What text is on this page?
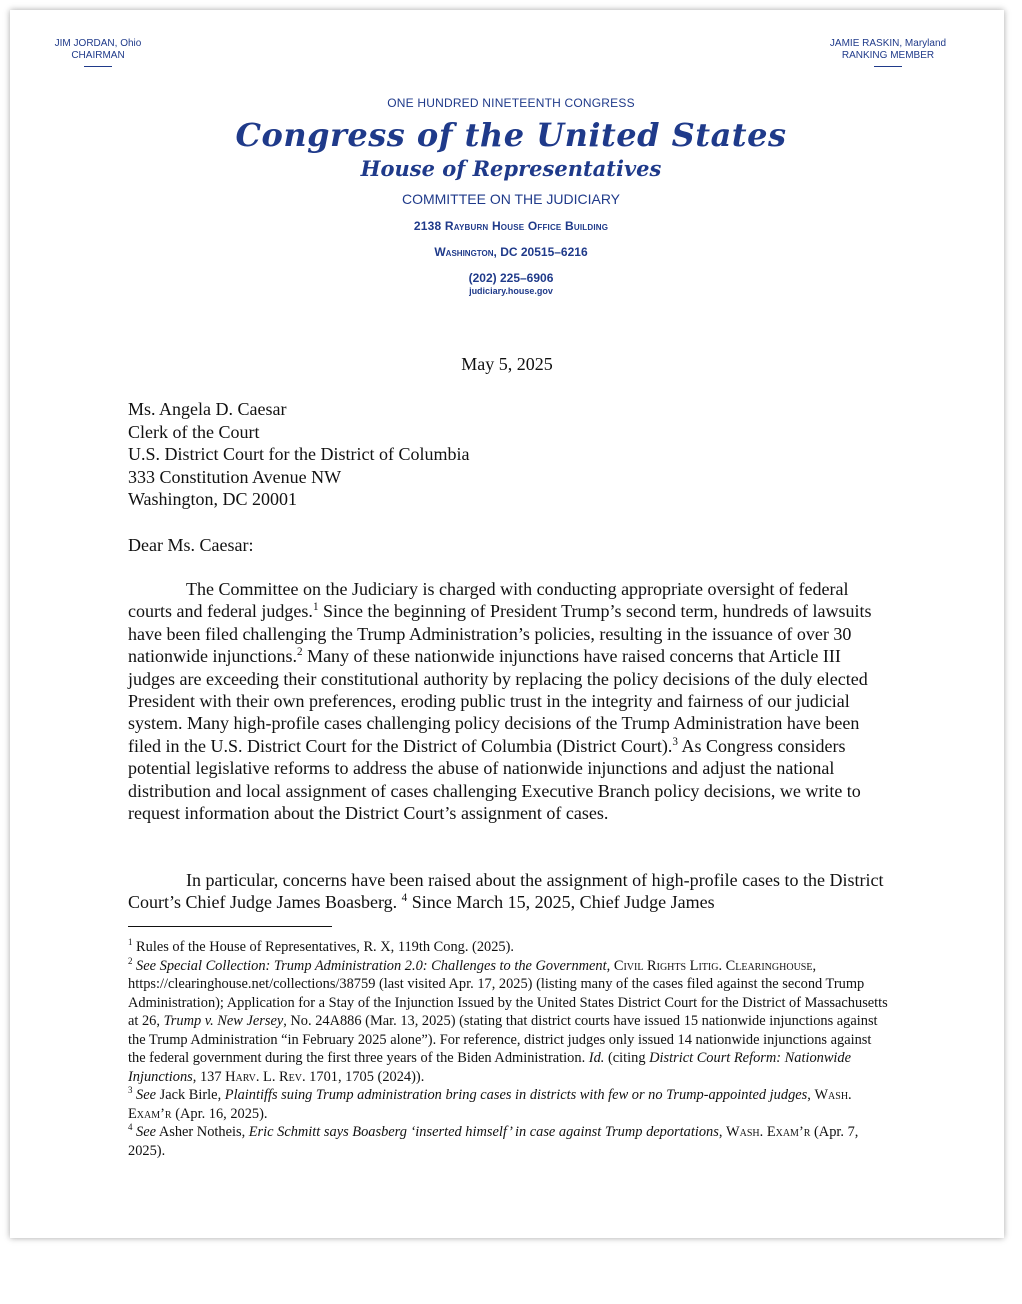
JIM JORDAN, Ohio
CHAIRMAN
JAMIE RASKIN, Maryland
RANKING MEMBER
ONE HUNDRED NINETEENTH CONGRESS
Congress of the United States
House of Representatives
COMMITTEE ON THE JUDICIARY
2138 Rayburn House Office Building
Washington, DC 20515–6216
(202) 225–6906
judiciary.house.gov
May 5, 2025
Ms. Angela D. Caesar
Clerk of the Court
U.S. District Court for the District of Columbia
333 Constitution Avenue NW
Washington, DC 20001
Dear Ms. Caesar:
The Committee on the Judiciary is charged with conducting appropriate oversight of federal courts and federal judges.$^1$ Since the beginning of President Trump’s second term, hundreds of lawsuits have been filed challenging the Trump Administration’s policies, resulting in the issuance of over 30 nationwide injunctions.$^2$ Many of these nationwide injunctions have raised concerns that Article III judges are exceeding their constitutional authority by replacing the policy decisions of the duly elected President with their own preferences, eroding public trust in the integrity and fairness of our judicial system. Many high-profile cases challenging policy decisions of the Trump Administration have been filed in the U.S. District Court for the District of Columbia (District Court).$^3$ As Congress considers potential legislative reforms to address the abuse of nationwide injunctions and adjust the national distribution and local assignment of cases challenging Executive Branch policy decisions, we write to request information about the District Court’s assignment of cases.
In particular, concerns have been raised about the assignment of high-profile cases to the District Court’s Chief Judge James Boasberg. $^4$ Since March 15, 2025, Chief Judge James

$^1$ Rules of the House of Representatives, R. X, 119th Cong. (2025).

$^2$ See Special Collection: Trump Administration 2.0: Challenges to the Government, Civil Rights Litig. Clearinghouse, https://clearinghouse.net/collections/38759 (last visited Apr. 17, 2025) (listing many of the cases filed against the second Trump Administration); Application for a Stay of the Injunction Issued by the United States District Court for the District of Massachusetts at 26, Trump v. New Jersey, No. 24A886 (Mar. 13, 2025) (stating that district courts have issued 15 nationwide injunctions against the Trump Administration “in February 2025 alone”). For reference, district judges only issued 14 nationwide injunctions against the federal government during the first three years of the Biden Administration. Id. (citing District Court Reform: Nationwide Injunctions, 137 Harv. L. Rev. 1701, 1705 (2024)).

$^3$ See Jack Birle, Plaintiffs suing Trump administration bring cases in districts with few or no Trump-appointed judges, Wash. Exam’r (Apr. 16, 2025).

$^4$ See Asher Notheis, Eric Schmitt says Boasberg ‘inserted himself’ in case against Trump deportations, Wash. Exam’r (Apr. 7, 2025).
